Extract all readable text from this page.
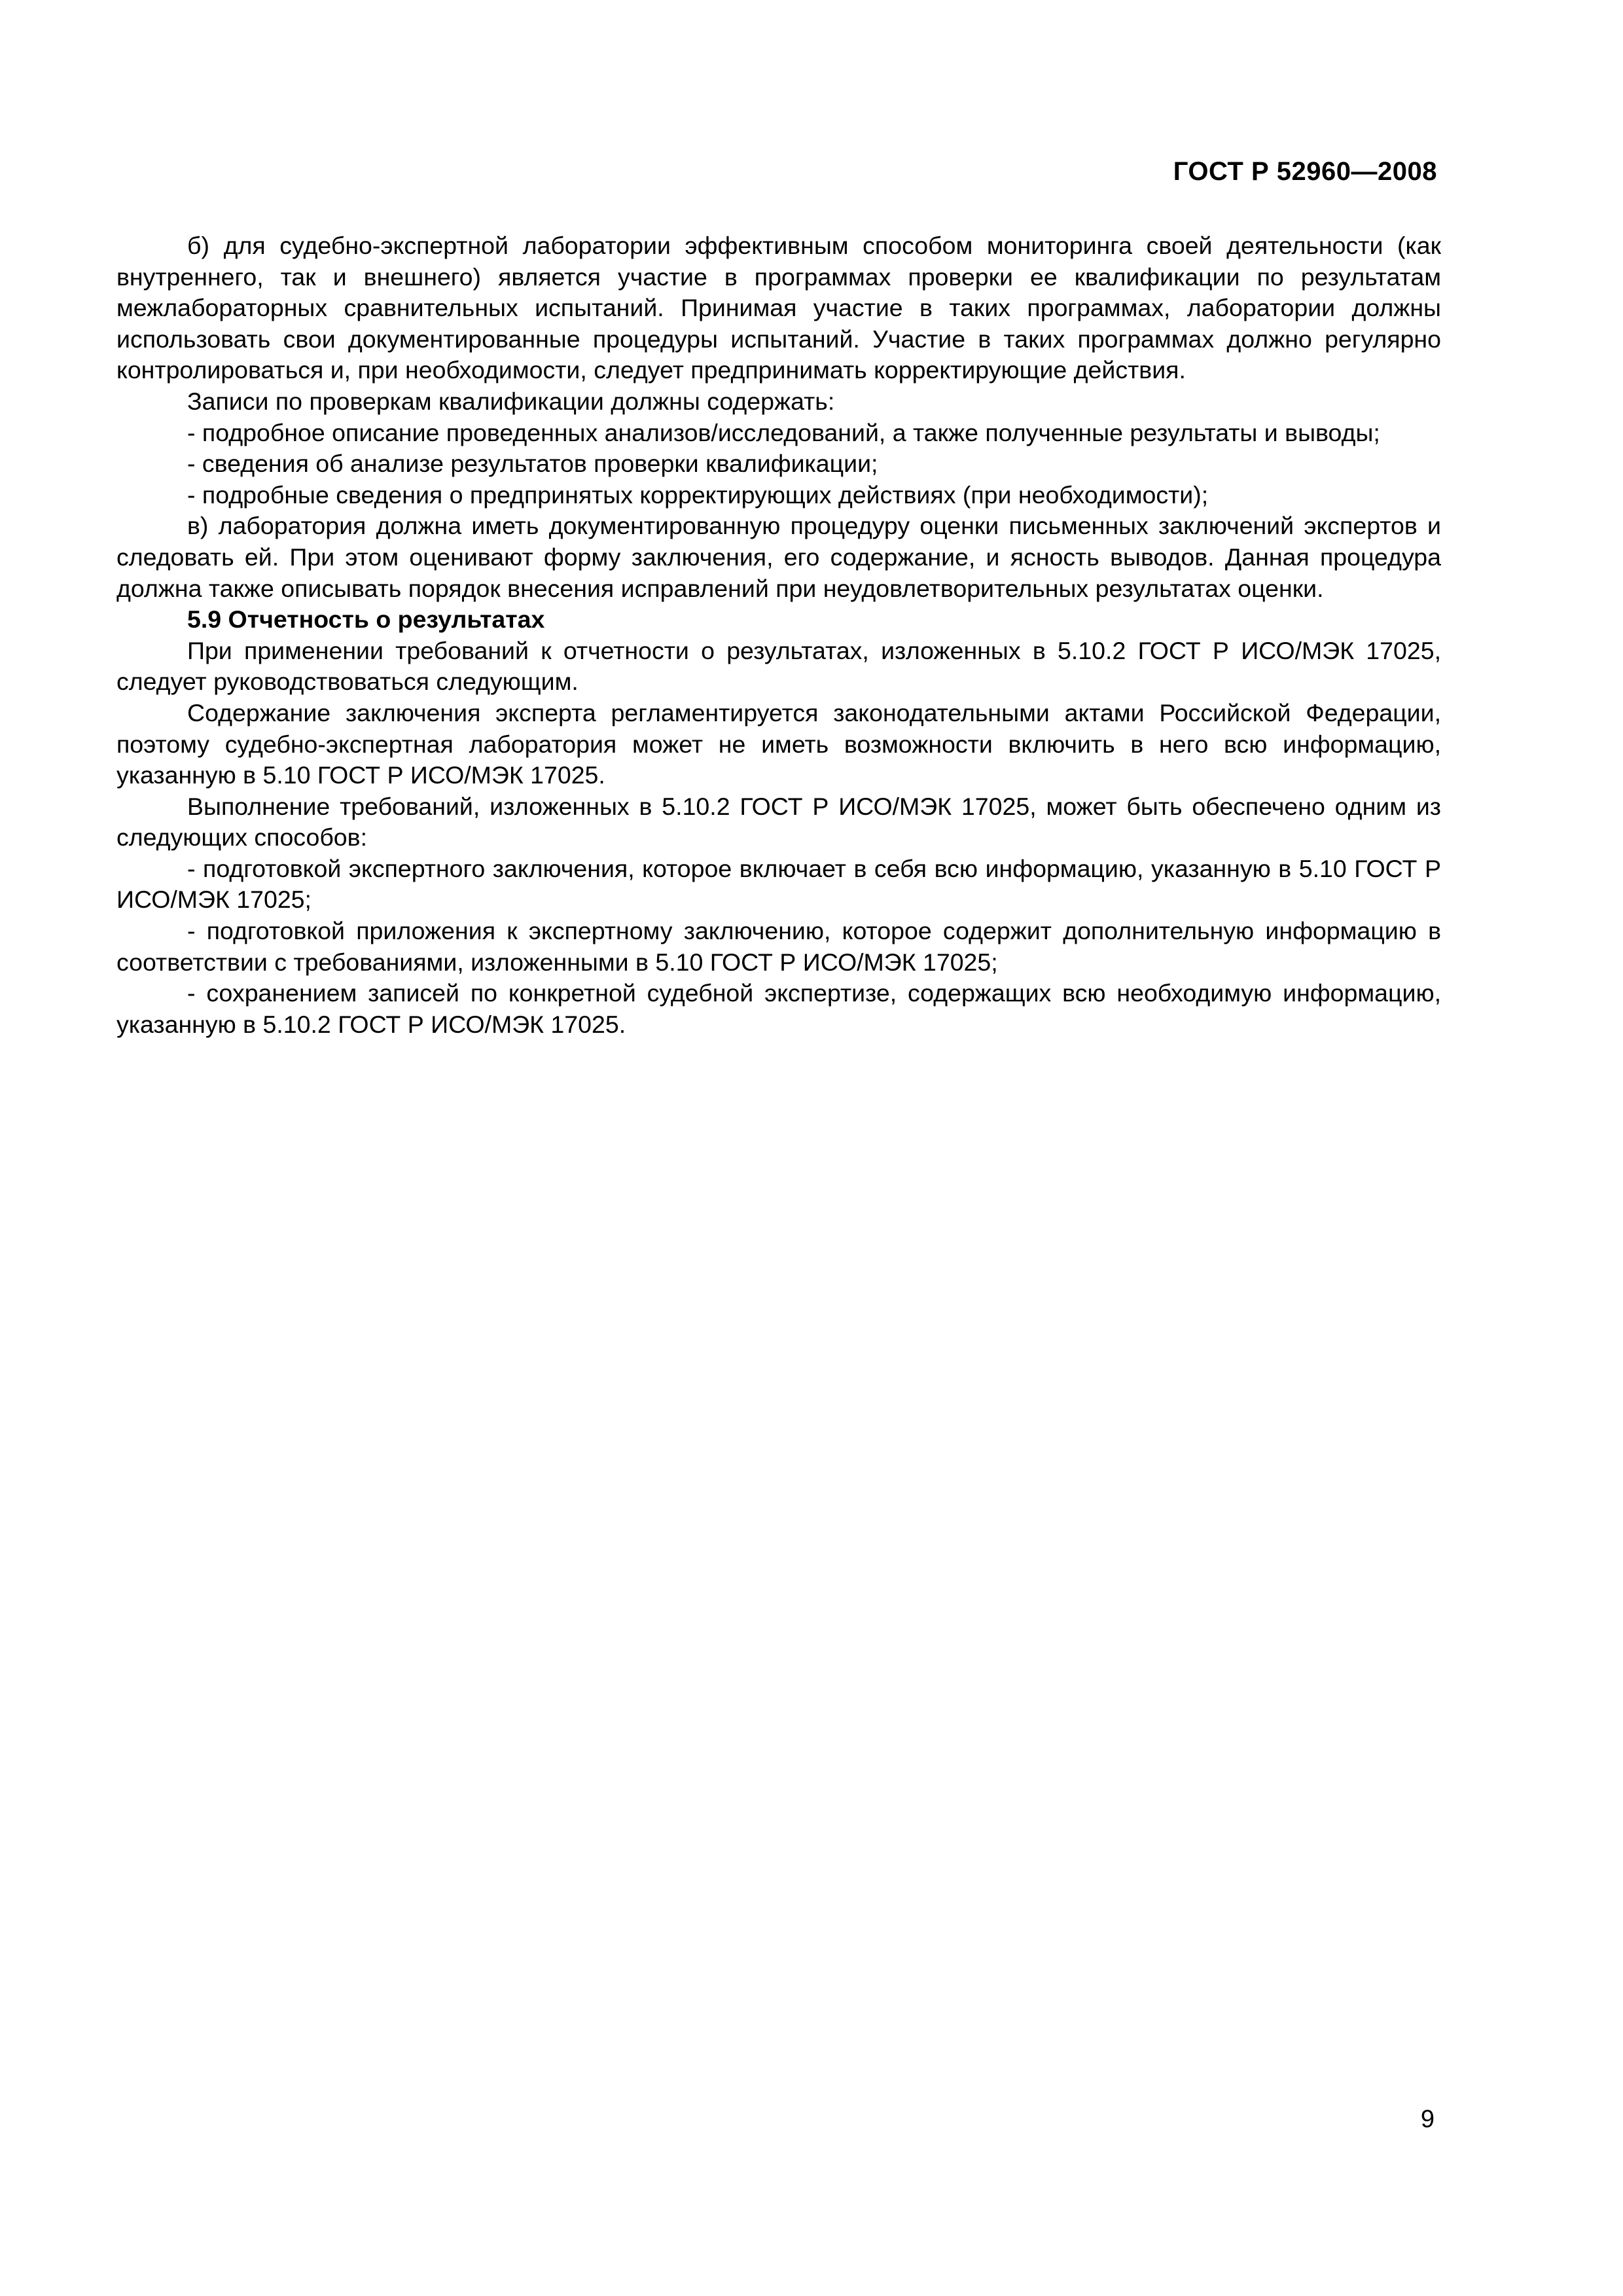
ГОСТ Р 52960—2008

б) для судебно-экспертной лаборатории эффективным способом мониторинга своей деятельности (как внутреннего, так и внешнего) является участие в программах проверки ее квалификации по результатам межлабораторных сравнительных испытаний. Принимая участие в таких программах, лаборатории должны использовать свои документированные процедуры испытаний. Участие в таких программах должно регулярно контролироваться и, при необходимости, следует предпринимать корректирующие действия.

Записи по проверкам квалификации должны содержать:

- подробное описание проведенных анализов/исследований, а также полученные результаты и выводы;

- сведения об анализе результатов проверки квалификации;

- подробные сведения о предпринятых корректирующих действиях (при необходимости);

в) лаборатория должна иметь документированную процедуру оценки письменных заключений экспертов и следовать ей. При этом оценивают форму заключения, его содержание, и ясность выводов. Данная процедура должна также описывать порядок внесения исправлений при неудовлетворительных результатах оценки.

5.9 Отчетность о результатах

При применении требований к отчетности о результатах, изложенных в 5.10.2 ГОСТ Р ИСО/МЭК 17025, следует руководствоваться следующим.

Содержание заключения эксперта регламентируется законодательными актами Российской Федерации, поэтому судебно-экспертная лаборатория может не иметь возможности включить в него всю информацию, указанную в 5.10 ГОСТ Р ИСО/МЭК 17025.

Выполнение требований, изложенных в 5.10.2 ГОСТ Р ИСО/МЭК 17025, может быть обеспечено одним из следующих способов:

- подготовкой экспертного заключения, которое включает в себя всю информацию, указанную в 5.10 ГОСТ Р ИСО/МЭК 17025;

- подготовкой приложения к экспертному заключению, которое содержит дополнительную информацию в соответствии с требованиями, изложенными в 5.10 ГОСТ Р ИСО/МЭК 17025;

- сохранением записей по конкретной судебной экспертизе, содержащих всю необходимую информацию, указанную в 5.10.2 ГОСТ Р ИСО/МЭК 17025.

9
